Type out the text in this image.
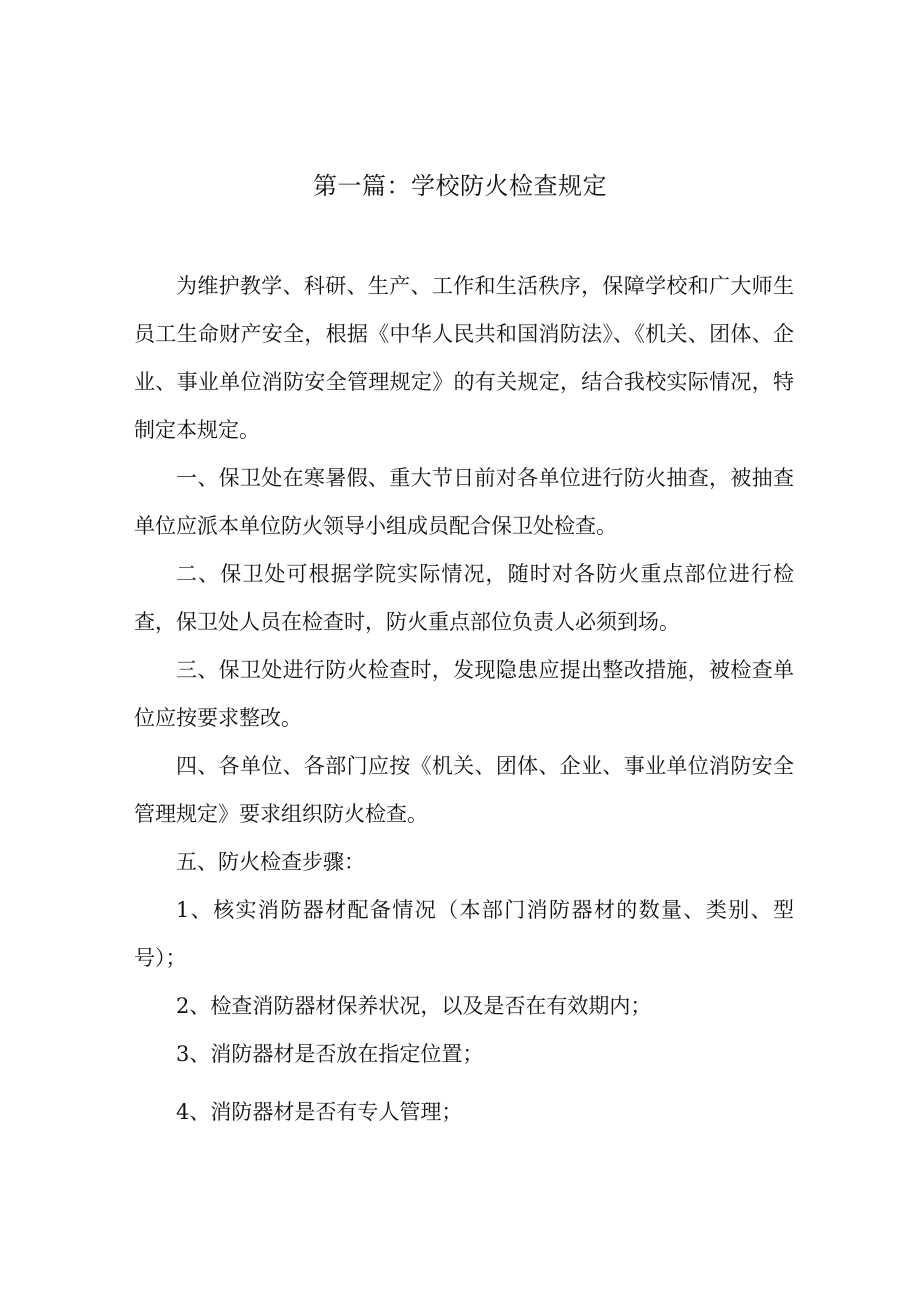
第一篇：学校防火检查规定

为维护教学、科研、生产、工作和生活秩序，保障学校和广大师生员工生命财产安全，根据《中华人民共和国消防法》、《机关、团体、企业、事业单位消防安全管理规定》的有关规定，结合我校实际情况，特制定本规定。

一、保卫处在寒暑假、重大节日前对各单位进行防火抽查，被抽查单位应派本单位防火领导小组成员配合保卫处检查。

二、保卫处可根据学院实际情况，随时对各防火重点部位进行检查，保卫处人员在检查时，防火重点部位负责人必须到场。

三、保卫处进行防火检查时，发现隐患应提出整改措施，被检查单位应按要求整改。

四、各单位、各部门应按《机关、团体、企业、事业单位消防安全管理规定》要求组织防火检查。

五、防火检查步骤：

1、核实消防器材配备情况（本部门消防器材的数量、类别、型号）；

2、检查消防器材保养状况，以及是否在有效期内；

3、消防器材是否放在指定位置；

4、消防器材是否有专人管理；
